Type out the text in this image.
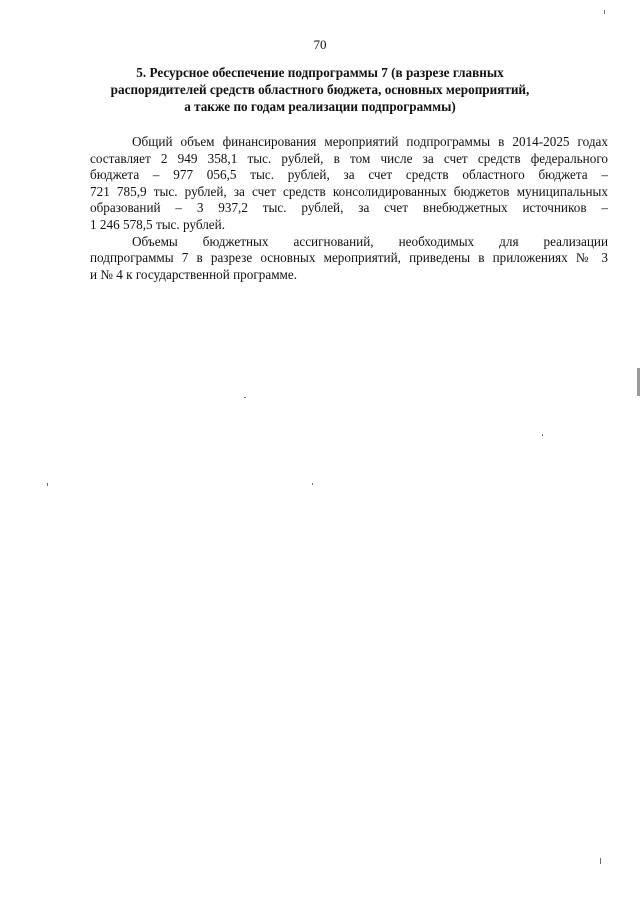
70
5. Ресурсное обеспечение подпрограммы 7 (в разрезе главных
распорядителей средств областного бюджета, основных мероприятий,
а также по годам реализации подпрограммы)
Общий объем финансирования мероприятий подпрограммы в 2014-2025 годах
составляет 2 949 358,1 тыс. рублей, в том числе за счет средств федерального
бюджета – 977 056,5 тыс. рублей, за счет средств областного бюджета –
721 785,9 тыс. рублей, за счет средств консолидированных бюджетов муниципальных
образований – 3 937,2 тыс. рублей, за счет внебюджетных источников –
1 246 578,5 тыс. рублей.
Объемы бюджетных ассигнований, необходимых для реализации
подпрограммы 7 в разрезе основных мероприятий, приведены в приложениях № 3
и № 4 к государственной программе.
